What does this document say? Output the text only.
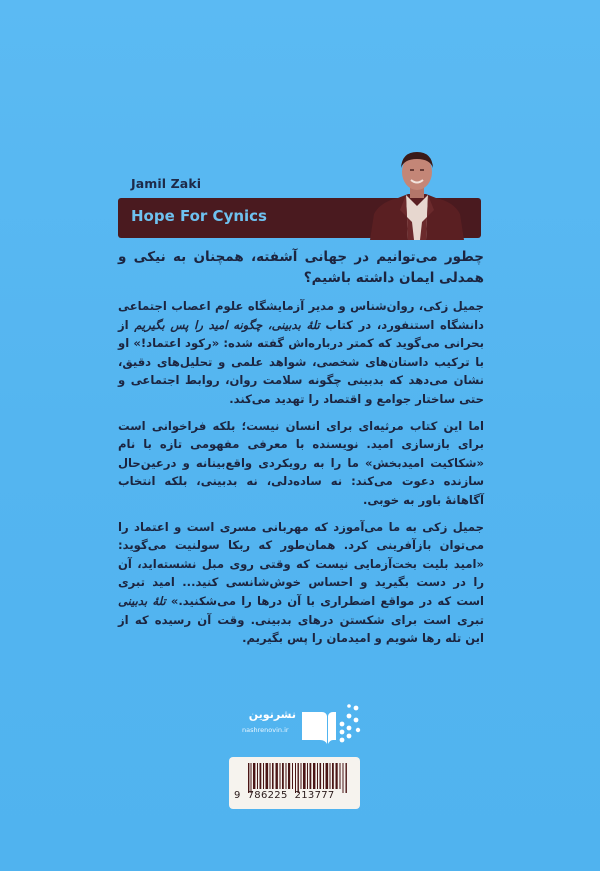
Jamil Zaki
Hope For Cynics

چطور می‌توانیم در جهانی آشفته، همچنان به نیکی و همدلی ایمان داشته باشیم؟

جمیل زکی، روان‌شناس و مدیر آزمایشگاه علوم اعصاب اجتماعی دانشگاه استنفورد، در کتاب تلهٔ بدبینی، چگونه امید را پس بگیریم از بحرانی می‌گوید که کمتر درباره‌اش گفته شده: «رکود اعتماد!» او با ترکیب داستان‌های شخصی، شواهد علمی و تحلیل‌های دقیق، نشان می‌دهد که بدبینی چگونه سلامت روان، روابط اجتماعی و حتی ساختار جوامع و اقتصاد را تهدید می‌کند.

اما این کتاب مرثیه‌ای برای انسان نیست؛ بلکه فراخوانی است برای بازسازی امید. نویسنده با معرفی مفهومی تازه با نام «شکاکیت امیدبخش» ما را به رویکردی واقع‌بینانه و درعین‌حال سازنده دعوت می‌کند: نه ساده‌دلی، نه بدبینی، بلکه انتخاب آگاهانهٔ باور به خوبی.

جمیل زکی به ما می‌آموزد که مهربانی مسری است و اعتماد را می‌توان بازآفرینی کرد. همان‌طور که ربکا سولنیت می‌گوید: «امید بلیت بخت‌آزمایی نیست که وقتی روی مبل نشسته‌اید، آن را در دست بگیرید و احساس خوش‌شانسی کنید... امید تبری است که در مواقع اضطراری با آن درها را می‌شکنید.» تلهٔ بدبینی تبری است برای شکستن درهای بدبینی. وقت آن رسیده که از این تله رها شویم و امیدمان را پس بگیریم.

نشرنوین
nashrenovin.ir
9 786225 213777
